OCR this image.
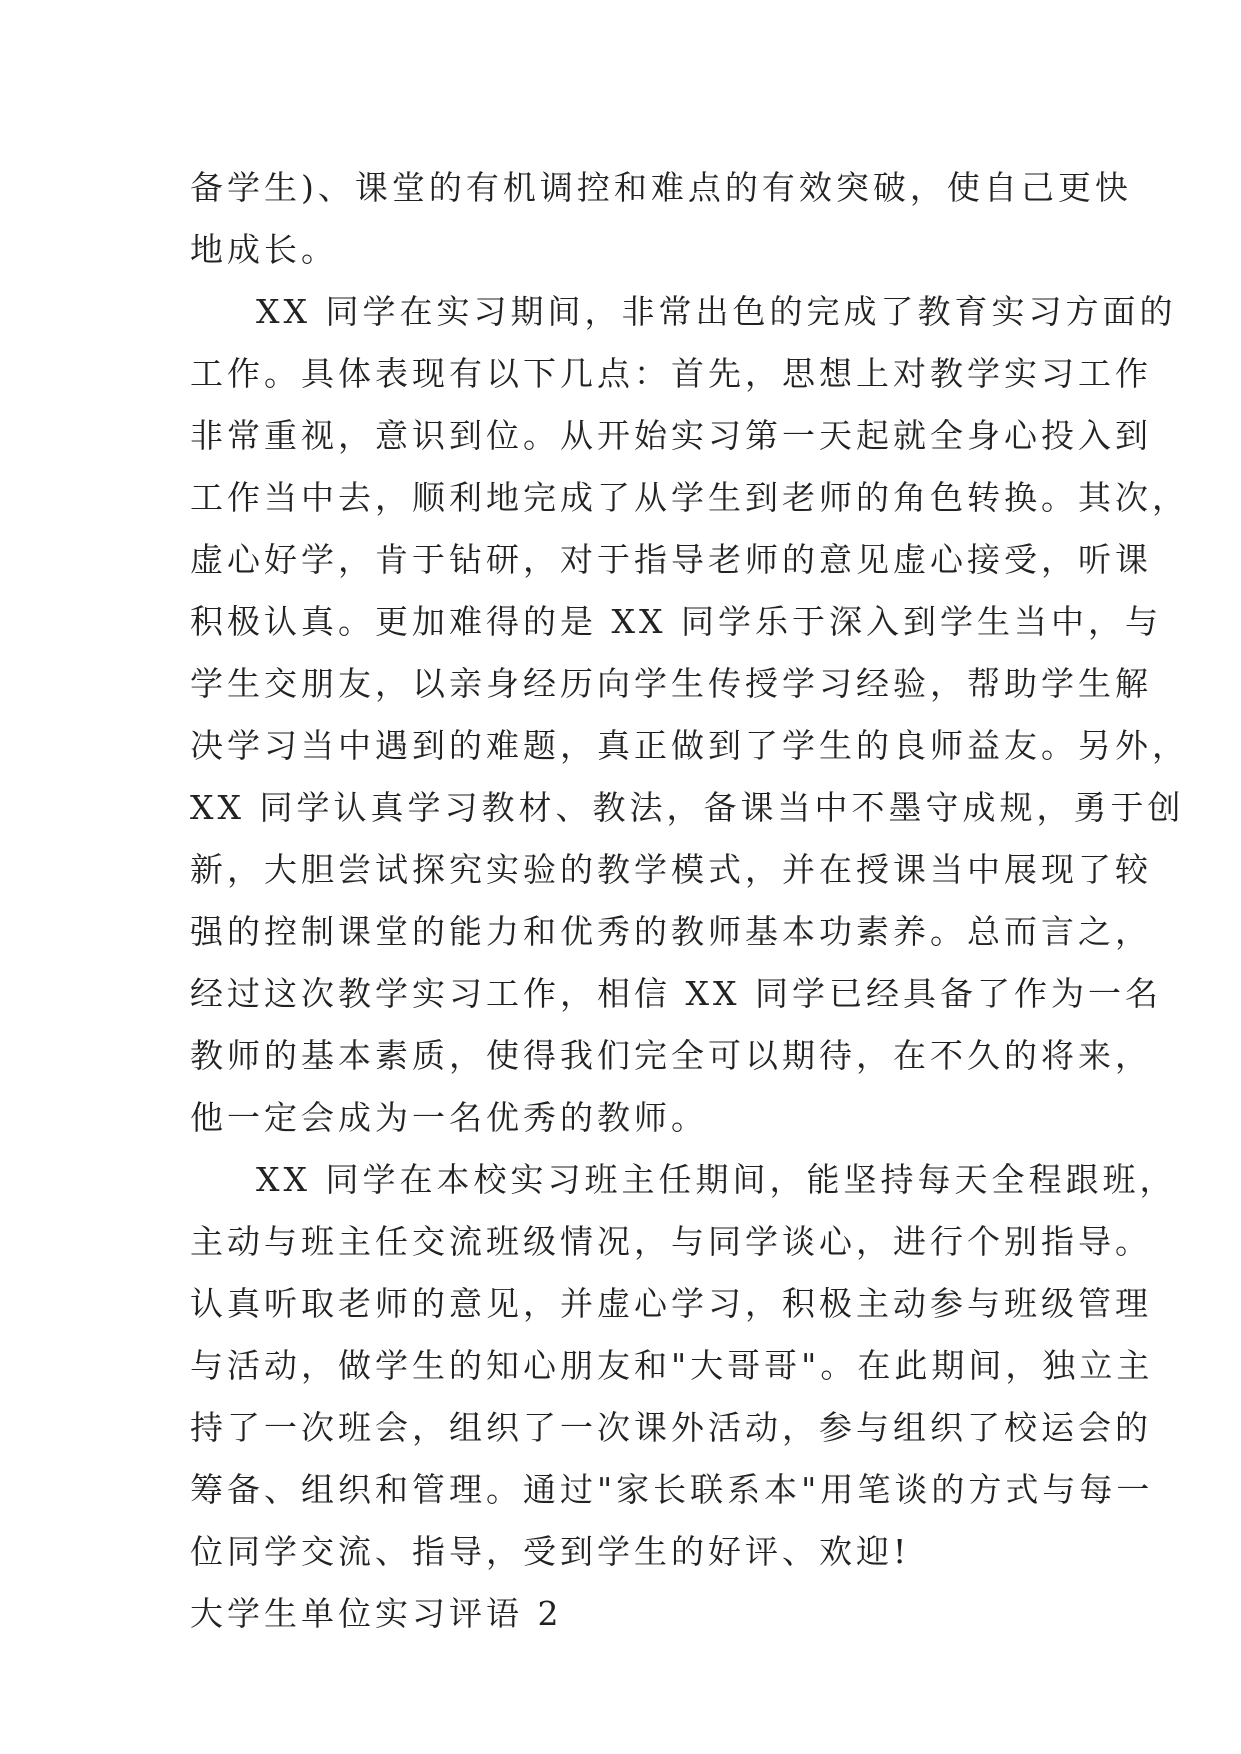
备学生)、课堂的有机调控和难点的有效突破，使自己更快
地成长。
XX 同学在实习期间，非常出色的完成了教育实习方面的
工作。具体表现有以下几点：首先，思想上对教学实习工作
非常重视，意识到位。从开始实习第一天起就全身心投入到
工作当中去，顺利地完成了从学生到老师的角色转换。其次，
虚心好学，肯于钻研，对于指导老师的意见虚心接受，听课
积极认真。更加难得的是 XX 同学乐于深入到学生当中，与
学生交朋友，以亲身经历向学生传授学习经验，帮助学生解
决学习当中遇到的难题，真正做到了学生的良师益友。另外，
XX 同学认真学习教材、教法，备课当中不墨守成规，勇于创
新，大胆尝试探究实验的教学模式，并在授课当中展现了较
强的控制课堂的能力和优秀的教师基本功素养。总而言之，
经过这次教学实习工作，相信 XX 同学已经具备了作为一名
教师的基本素质，使得我们完全可以期待，在不久的将来，
他一定会成为一名优秀的教师。
XX 同学在本校实习班主任期间，能坚持每天全程跟班，
主动与班主任交流班级情况，与同学谈心，进行个别指导。
认真听取老师的意见，并虚心学习，积极主动参与班级管理
与活动，做学生的知心朋友和"大哥哥"。在此期间，独立主
持了一次班会，组织了一次课外活动，参与组织了校运会的
筹备、组织和管理。通过"家长联系本"用笔谈的方式与每一
位同学交流、指导，受到学生的好评、欢迎!
大学生单位实习评语 2
